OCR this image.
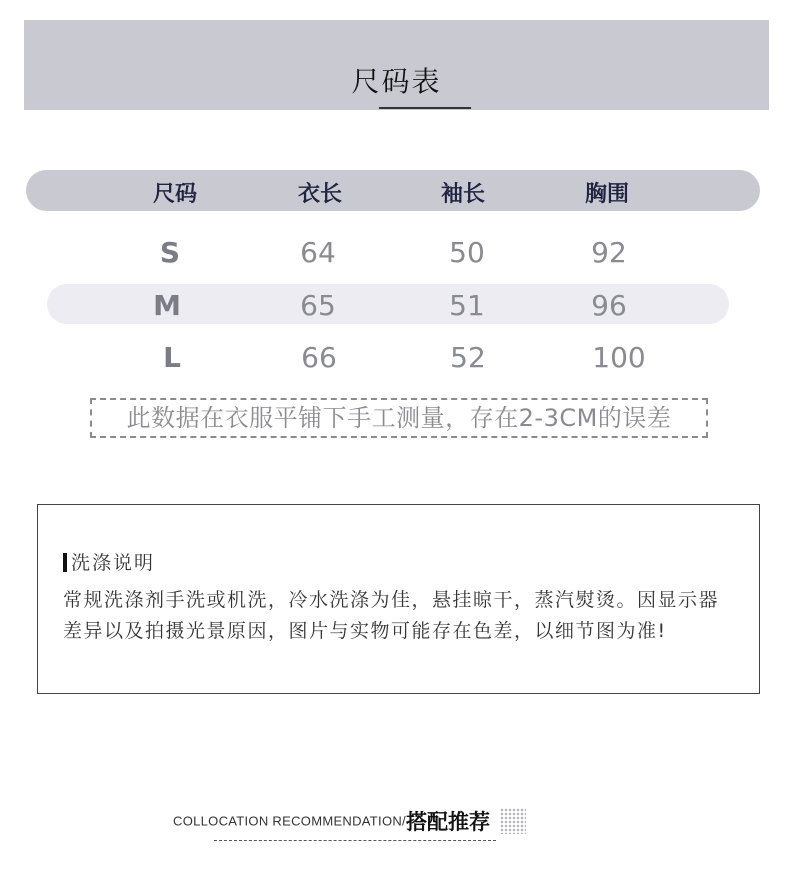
尺码表
尺码	衣长	袖长	胸围
S	64	50	92
M	65	51	96
L	66	52	100
此数据在衣服平铺下手工测量，存在2-3CM的误差
洗涤说明
常规洗涤剂手洗或机洗，冷水洗涤为佳，悬挂晾干，蒸汽熨烫。因显示器差异以及拍摄光景原因，图片与实物可能存在色差，以细节图为准!
COLLOCATION RECOMMENDATION/搭配推荐
